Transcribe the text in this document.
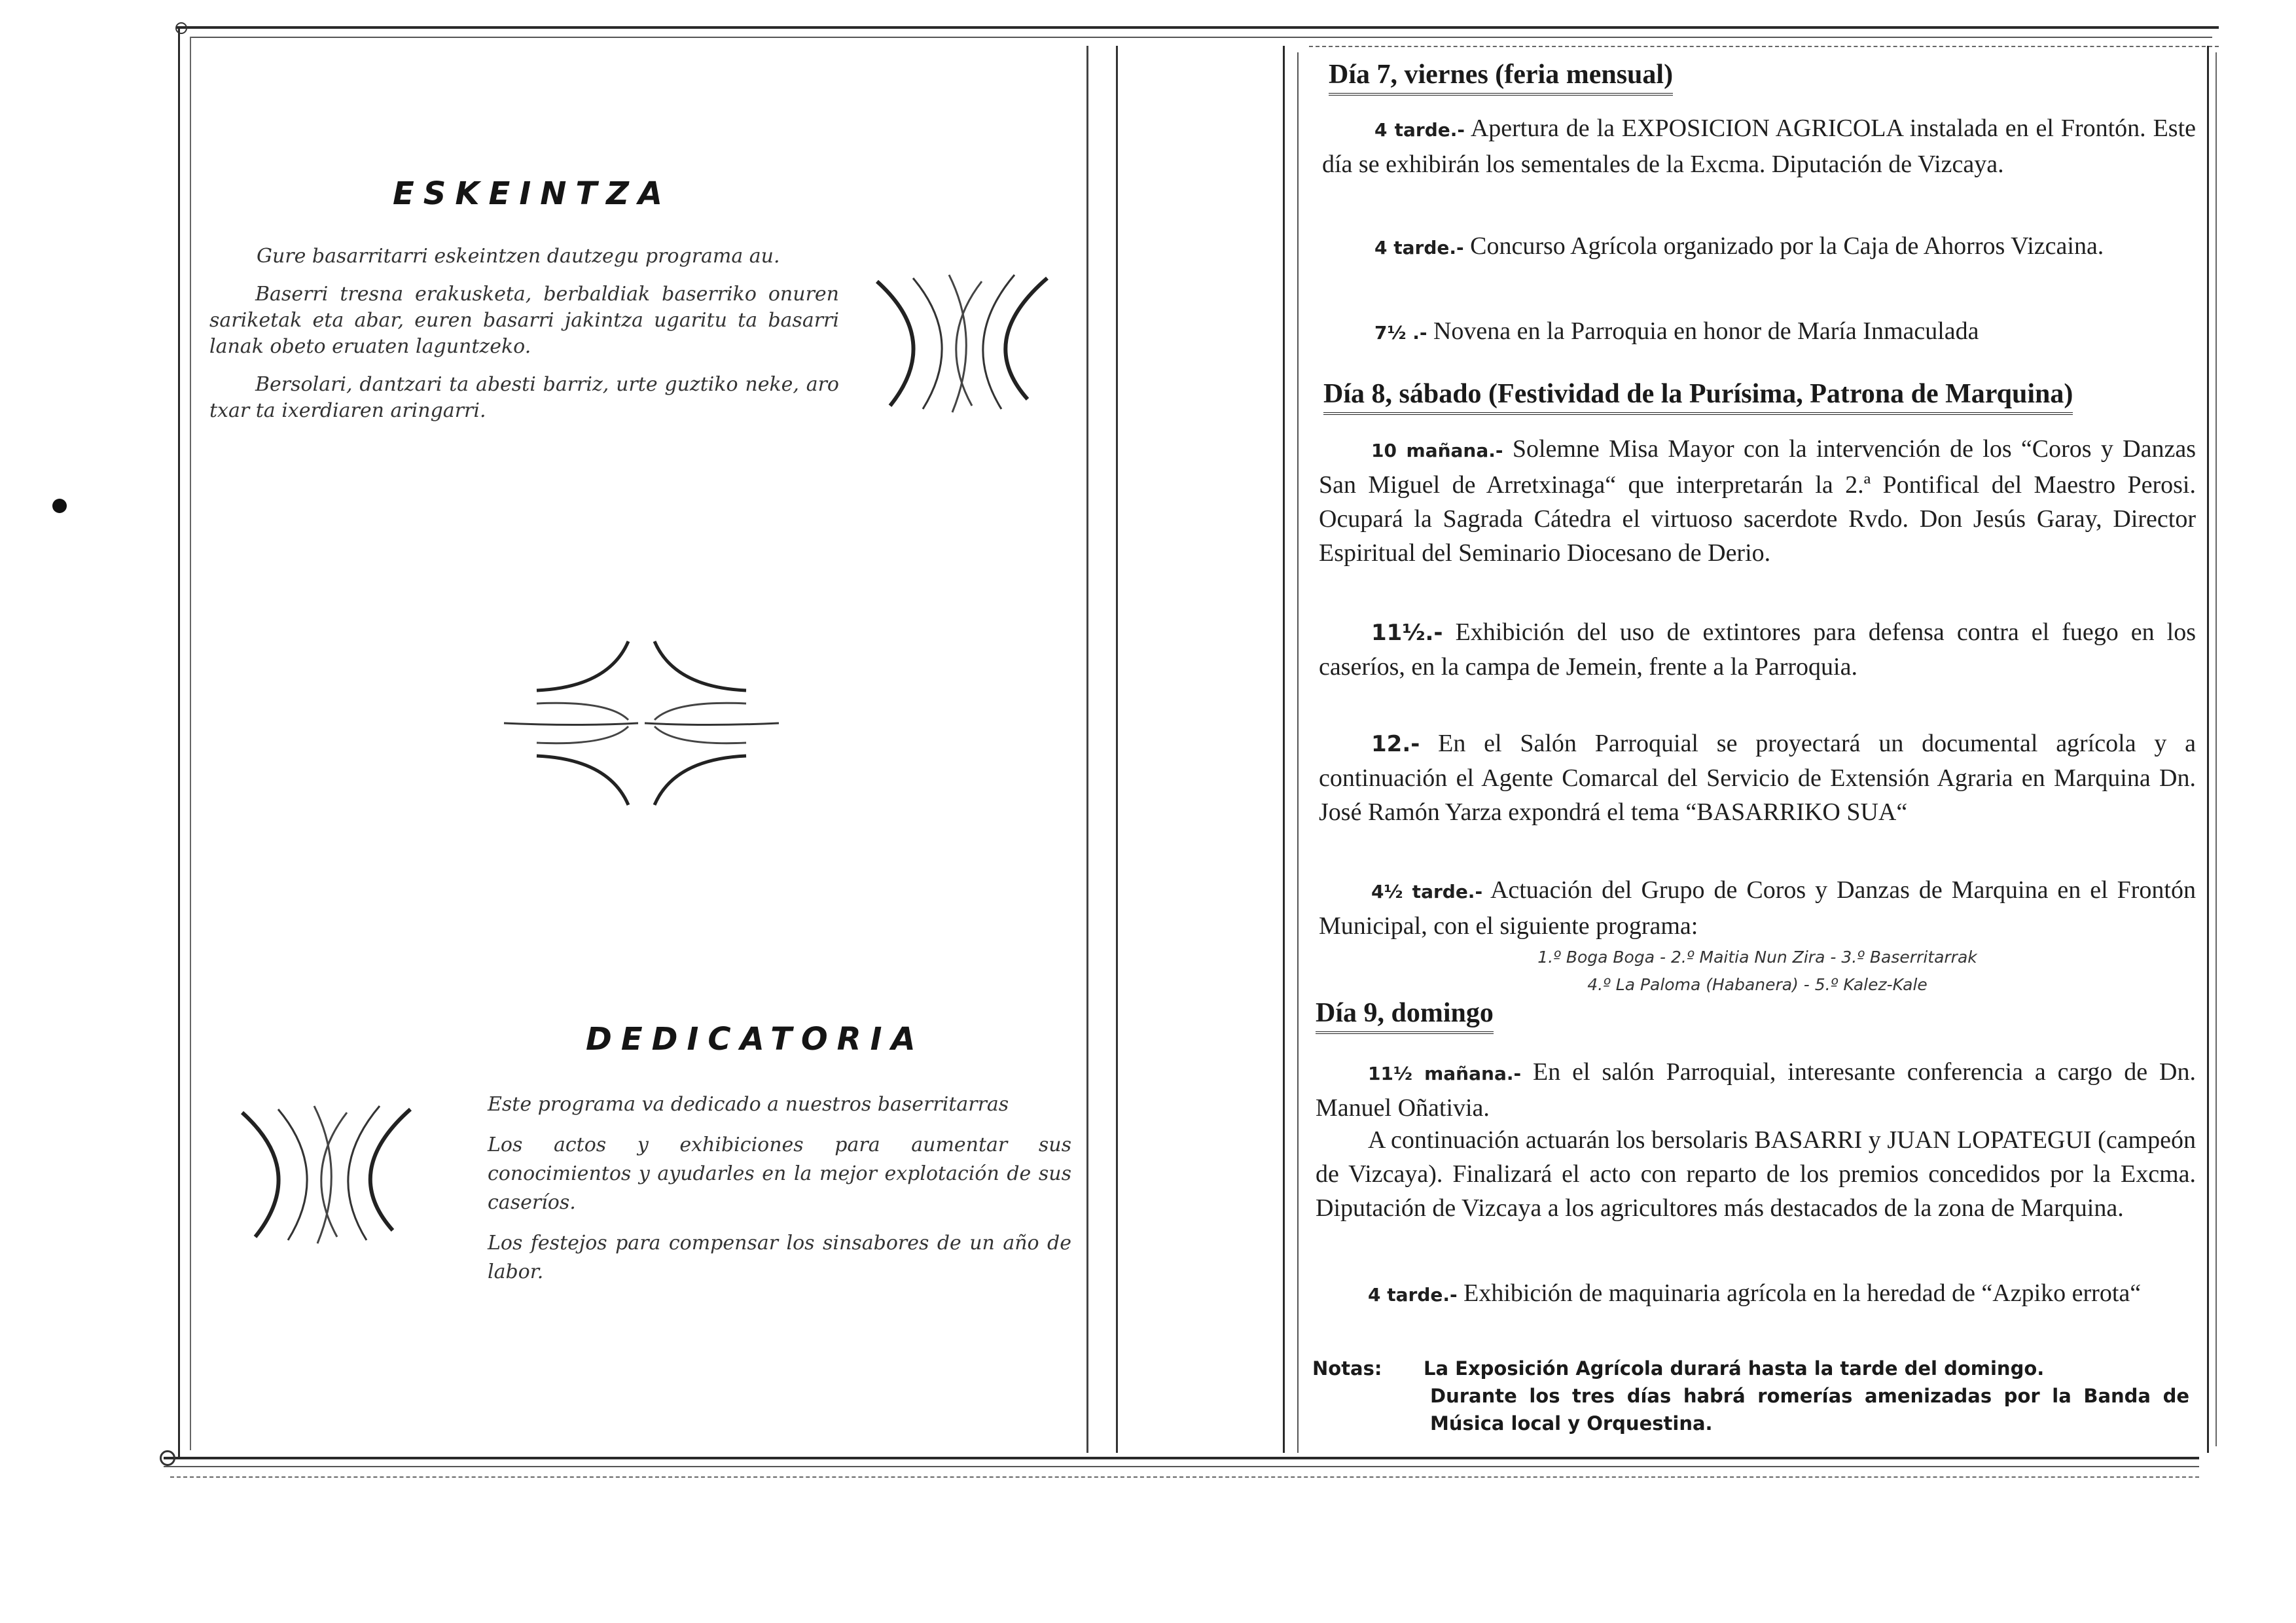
ESKEINTZA

Gure basarritarri eskeintzen dautzegu programa au.

Baserri tresna erakusketa, berbaldiak baserriko onuren sariketak eta abar, euren basarri jakintza ugaritu ta basarri lanak obeto eruaten laguntzeko.

Bersolari, dantzari ta abesti barriz, urte guztiko neke, aro txar ta ixerdiaren aringarri.

DEDICATORIA

Este programa va dedicado a nuestros baserritarras

Los actos y exhibiciones para aumentar sus conocimientos y ayudarles en la mejor explotación de sus caseríos.

Los festejos para compensar los sinsabores de un año de labor.

Día 7, viernes (feria mensual)

4 tarde.- Apertura de la EXPOSICION AGRICOLA instalada en el Frontón. Este día se exhibirán los sementales de la Excma. Diputación de Vizcaya.

4 tarde.- Concurso Agrícola organizado por la Caja de Ahorros Vizcaina.

7½ .- Novena en la Parroquia en honor de María Inmaculada

Día 8, sábado (Festividad de la Purísima, Patrona de Marquina)

10 mañana.- Solemne Misa Mayor con la intervención de los “Coros y Danzas San Miguel de Arretxinaga“ que interpretarán la 2.ª Pontifical del Maestro Perosi. Ocupará la Sagrada Cátedra el virtuoso sacerdote Rvdo. Don Jesús Garay, Director Espiritual del Seminario Diocesano de Derio.

11½.- Exhibición del uso de extintores para defensa contra el fuego en los caseríos, en la campa de Jemein, frente a la Parroquia.

12.- En el Salón Parroquial se proyectará un documental agrícola y a continuación el Agente Comarcal del Servicio de Extensión Agraria en Marquina Dn. José Ramón Yarza expondrá el tema “BASARRIKO SUA“

4½ tarde.- Actuación del Grupo de Coros y Danzas de Marquina en el Frontón Municipal, con el siguiente programa:

1.º Boga Boga - 2.º Maitia Nun Zira - 3.º Baserritarrak
4.º La Paloma (Habanera) - 5.º Kalez-Kale
Día 9, domingo

11½ mañana.- En el salón Parroquial, interesante conferencia a cargo de Dn. Manuel Oñativia.

A continuación actuarán los bersolaris BASARRI y JUAN LOPATEGUI (campeón de Vizcaya). Finalizará el acto con reparto de los premios concedidos por la Excma. Diputación de Vizcaya a los agricultores más destacados de la zona de Marquina.

4 tarde.- Exhibición de maquinaria agrícola en la heredad de “Azpiko errota“

Notas: La Exposición Agrícola durará hasta la tarde del domingo.
Durante los tres días habrá romerías amenizadas por la Banda de Música local y Orquestina.
